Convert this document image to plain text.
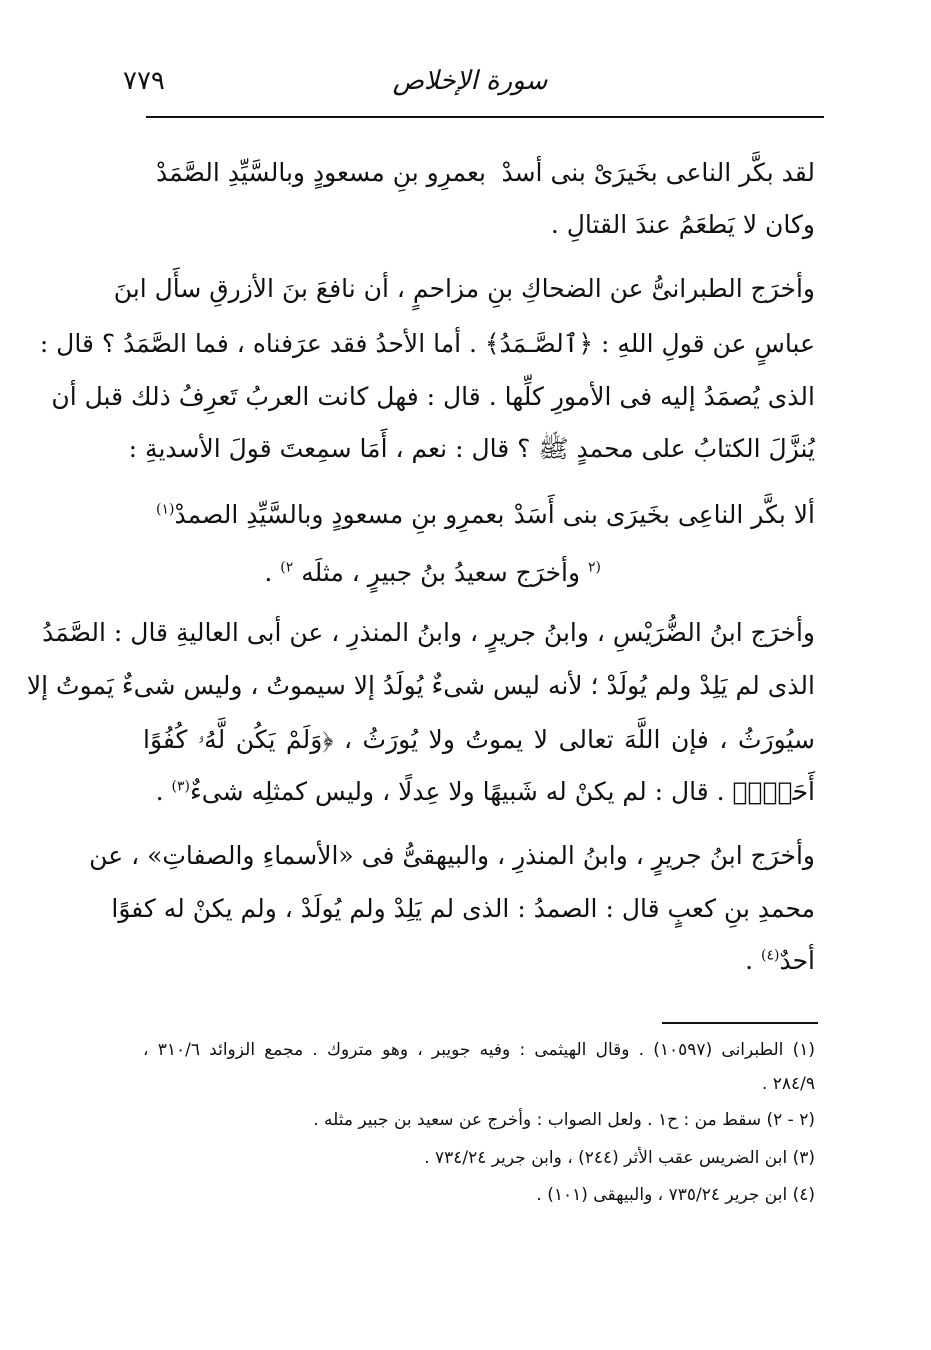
٧٧٩	سورة الإخلاص
لقد بكَّر الناعى بخَيرَىْ بنى أسدْ
بعمرِو بنِ مسعودٍ وبالسَّيِّدِ الصَّمَدْ
وكان لا يَطعَمُ عندَ القتالِ .
وأخرَج الطبرانىُّ عن الضحاكِ بنِ مزاحمٍ ، أن نافعَ بنَ الأزرقِ سأَل ابنَ
عباسٍ عن قولِ اللهِ : ﴿ٱلصَّـمَدُ﴾ . أما الأحدُ فقد عرَفناه ، فما الصَّمَدُ ؟ قال :
الذى يُصمَدُ إليه فى الأمورِ كلِّها . قال : فهل كانت العربُ تَعرِفُ ذلك قبل أن
يُنزَّلَ الكتابُ على محمدٍ ﷺ ؟ قال : نعم ، أَمَا سمِعتَ قولَ الأسديةِ :
ألا بكَّر الناعِى بخَيرَى بنى أَسَدْ
بعمرِو بنِ مسعودٍ وبالسَّيِّدِ الصمدْ$^{(١)}$
$^{(٢}$ وأخرَج سعيدُ بنُ جبيرٍ ، مثلَه $^{٢)}$ .
وأخرَج ابنُ الضُّرَيْسِ ، وابنُ جريرٍ ، وابنُ المنذرِ ، عن أبى العاليةِ قال : الصَّمَدُ
الذى لم يَلِدْ ولم يُولَدْ ؛ لأنه ليس شىءٌ يُولَدُ إلا سيموتُ ، وليس شىءٌ يَموتُ إلا
سيُورَثُ ، فإن اللَّهَ تعالى لا يموتُ ولا يُورَثُ ، ﴿وَلَمْ يَكُن لَّهُۥ كُفُوًا
أَحَدٌۢ﴾ . قال : لم يكنْ له شَبيهًا ولا عِدلًا ، وليس كمثلِه شىءٌ$^{(٣)}$ .
وأخرَج ابنُ جريرٍ ، وابنُ المنذرِ ، والبيهقىُّ فى «الأسماءِ والصفاتِ» ، عن
محمدِ بنِ كعبٍ قال : الصمدُ : الذى لم يَلِدْ ولم يُولَدْ ، ولم يكنْ له كفوًا
أحدٌ$^{(٤)}$ .
(١) الطبرانى (١٠٥٩٧) . وقال الهيثمى : وفيه جويبر ، وهو متروك . مجمع الزوائد ٣١٠/٦ ،
٢٨٤/٩ .
(٢ - ٢) سقط من : ح١ . ولعل الصواب : وأخرج عن سعيد بن جبير مثله .
(٣) ابن الضريس عقب الأثر (٢٤٤) ، وابن جرير ٧٣٤/٢٤ .
(٤) ابن جرير ٧٣٥/٢٤ ، والبيهقى (١٠١) .
